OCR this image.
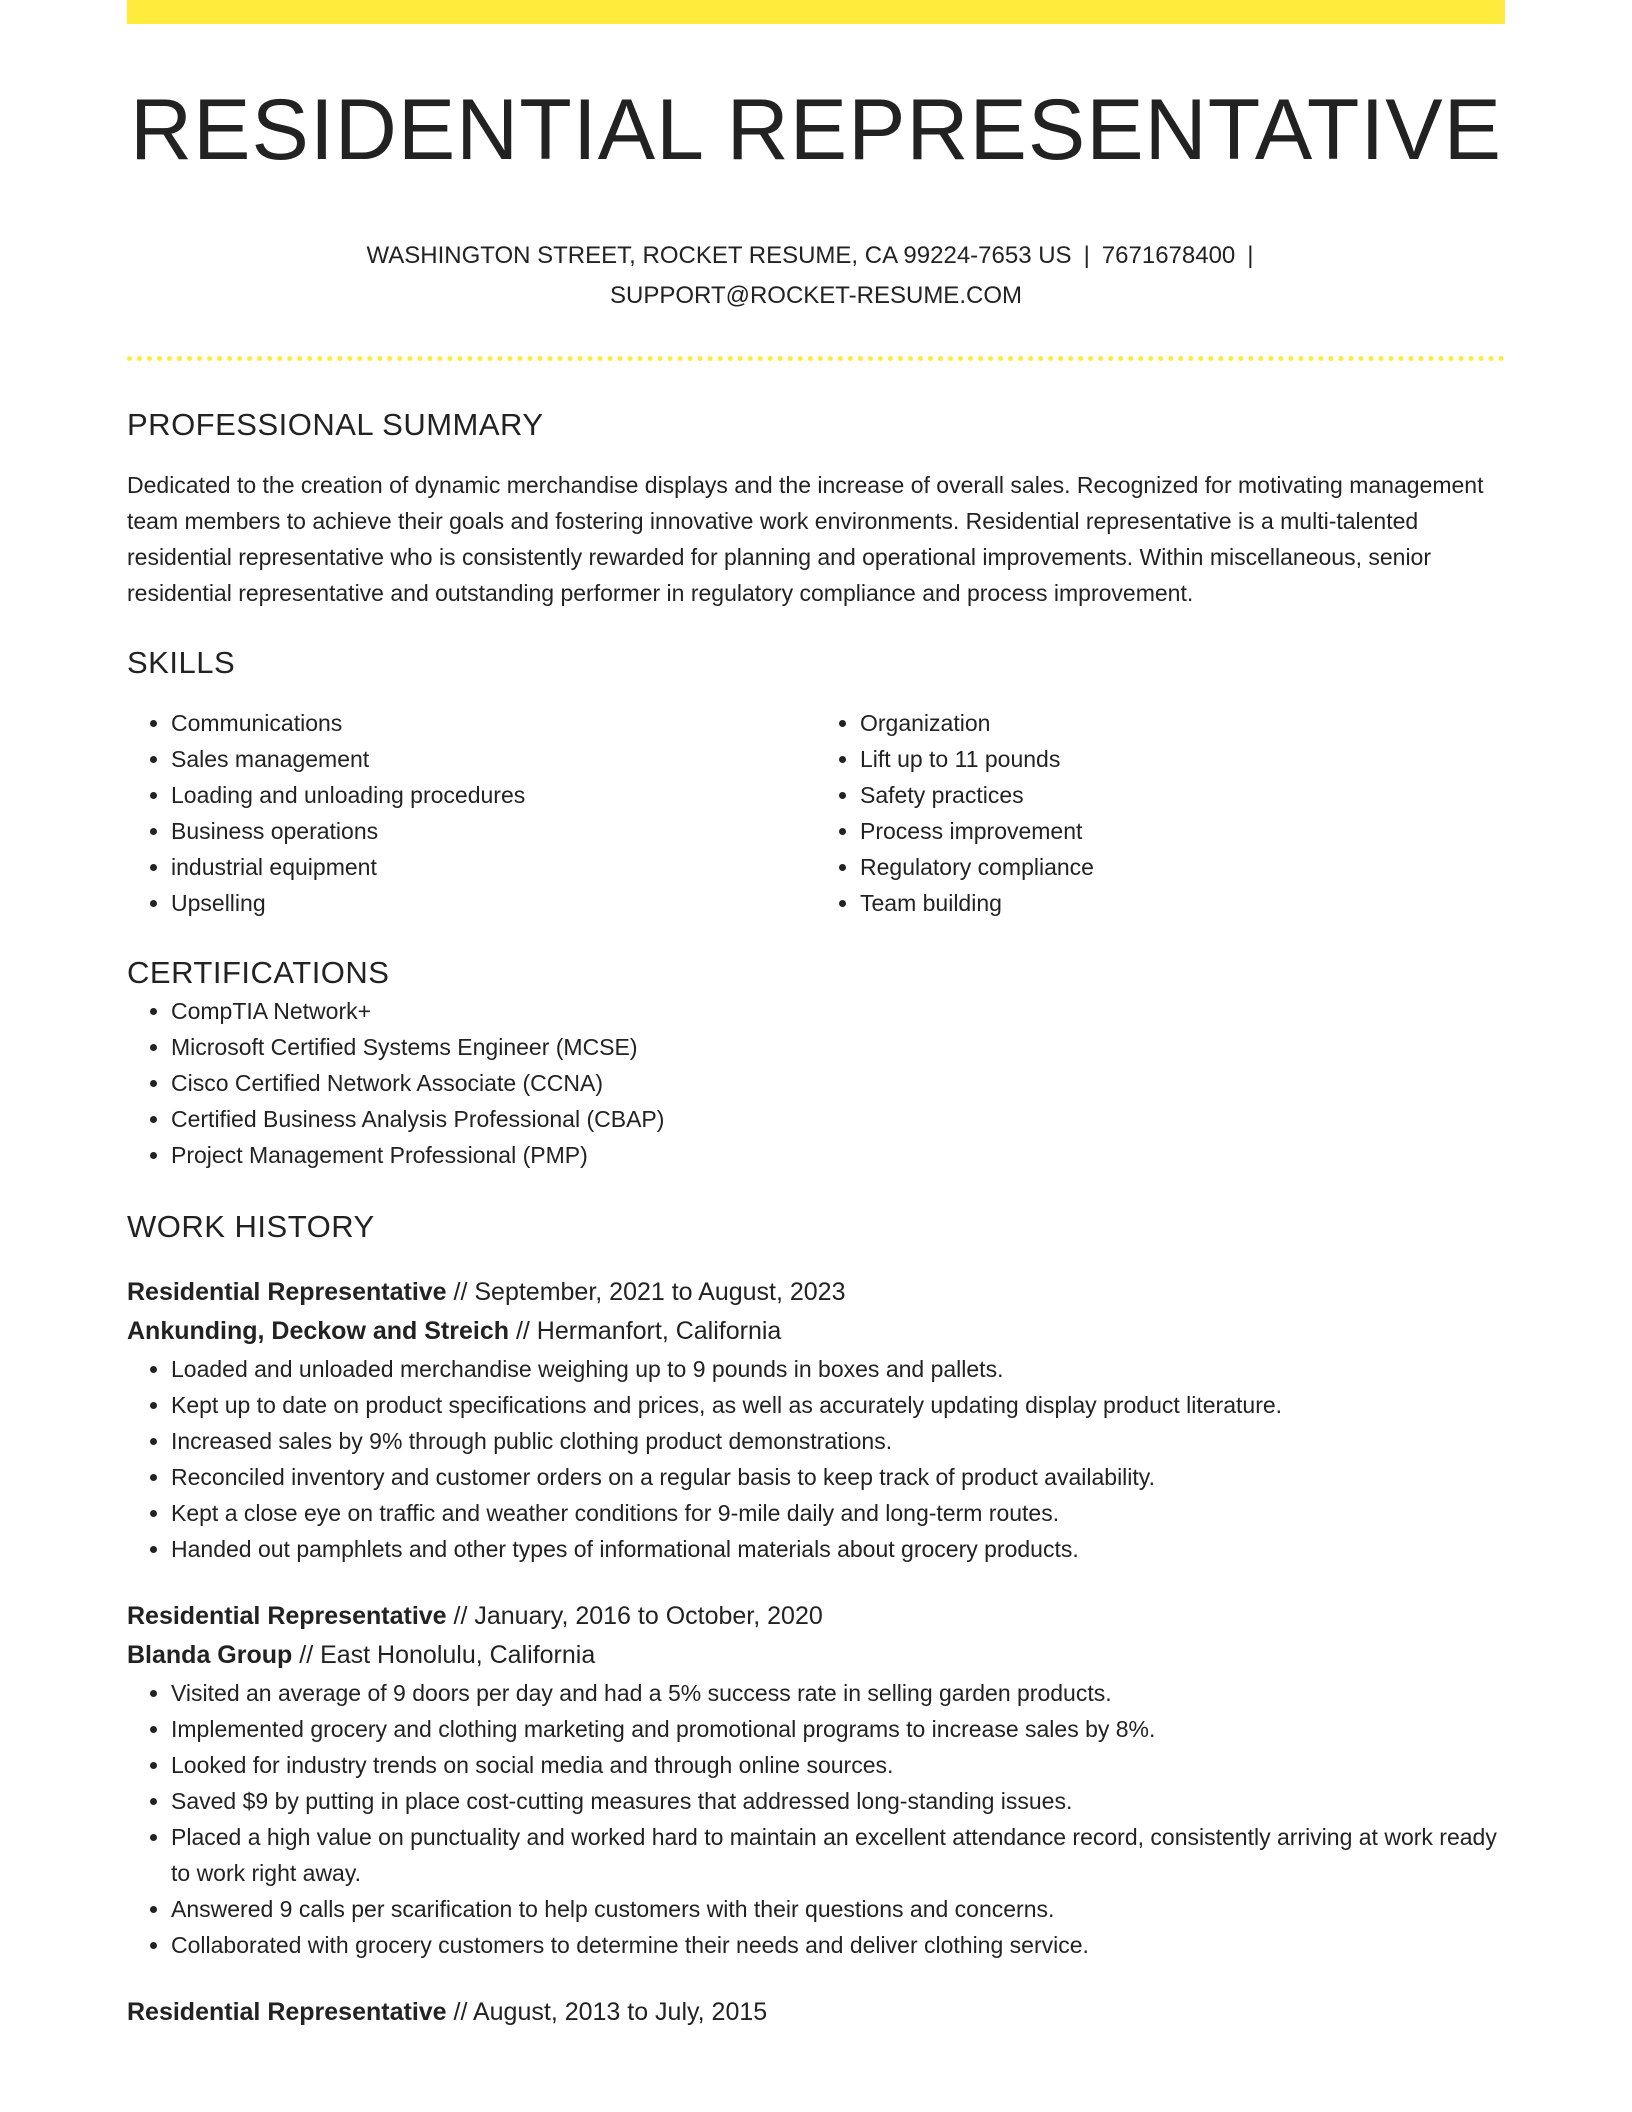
RESIDENTIAL REPRESENTATIVE
WASHINGTON STREET, ROCKET RESUME, CA 99224-7653 US | 7671678400 |
SUPPORT@ROCKET-RESUME.COM
PROFESSIONAL SUMMARY
Dedicated to the creation of dynamic merchandise displays and the increase of overall sales. Recognized for motivating management team members to achieve their goals and fostering innovative work environments. Residential representative is a multi-talented residential representative who is consistently rewarded for planning and operational improvements. Within miscellaneous, senior residential representative and outstanding performer in regulatory compliance and process improvement.
SKILLS
• Communications
• Sales management
• Loading and unloading procedures
• Business operations
• industrial equipment
• Upselling
• Organization
• Lift up to 11 pounds
• Safety practices
• Process improvement
• Regulatory compliance
• Team building
CERTIFICATIONS
• CompTIA Network+
• Microsoft Certified Systems Engineer (MCSE)
• Cisco Certified Network Associate (CCNA)
• Certified Business Analysis Professional (CBAP)
• Project Management Professional (PMP)
WORK HISTORY
Residential Representative // September, 2021 to August, 2023
Ankunding, Deckow and Streich // Hermanfort, California
• Loaded and unloaded merchandise weighing up to 9 pounds in boxes and pallets.
• Kept up to date on product specifications and prices, as well as accurately updating display product literature.
• Increased sales by 9% through public clothing product demonstrations.
• Reconciled inventory and customer orders on a regular basis to keep track of product availability.
• Kept a close eye on traffic and weather conditions for 9-mile daily and long-term routes.
• Handed out pamphlets and other types of informational materials about grocery products.
Residential Representative // January, 2016 to October, 2020
Blanda Group // East Honolulu, California
• Visited an average of 9 doors per day and had a 5% success rate in selling garden products.
• Implemented grocery and clothing marketing and promotional programs to increase sales by 8%.
• Looked for industry trends on social media and through online sources.
• Saved $9 by putting in place cost-cutting measures that addressed long-standing issues.
• Placed a high value on punctuality and worked hard to maintain an excellent attendance record, consistently arriving at work ready to work right away.
• Answered 9 calls per scarification to help customers with their questions and concerns.
• Collaborated with grocery customers to determine their needs and deliver clothing service.
Residential Representative // August, 2013 to July, 2015
